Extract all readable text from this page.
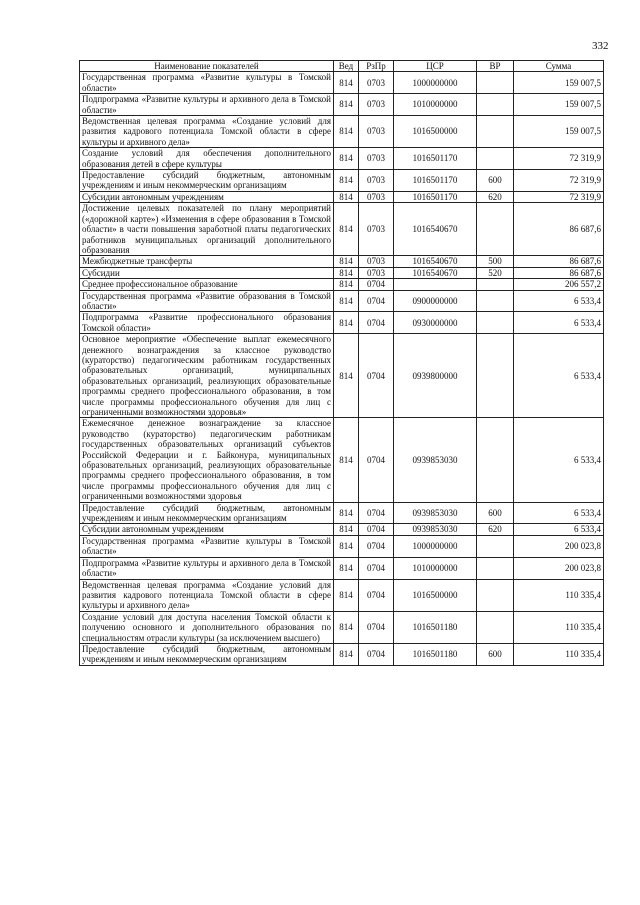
332
Наименование показателей	Вед	РзПр	ЦСР	ВР	Сумма
Государственная программа «Развитие культуры в Томской области»	814	0703	1000000000		159 007,5
Подпрограмма «Развитие культуры и архивного дела в Томской области»	814	0703	1010000000		159 007,5
Ведомственная целевая программа «Создание условий для развития кадрового потенциала Томской области в сфере культуры и архивного дела»	814	0703	1016500000		159 007,5
Создание условий для обеспечения дополнительного образования детей в сфере культуры	814	0703	1016501170		72 319,9
Предоставление субсидий бюджетным, автономным учреждениям и иным некоммерческим организациям	814	0703	1016501170	600	72 319,9
Субсидии автономным учреждениям	814	0703	1016501170	620	72 319,9
Достижение целевых показателей по плану мероприятий («дорожной карте») «Изменения в сфере образования в Томской области» в части повышения заработной платы педагогических работников муниципальных организаций дополнительного образования	814	0703	1016540670		86 687,6
Межбюджетные трансферты	814	0703	1016540670	500	86 687,6
Субсидии	814	0703	1016540670	520	86 687,6
Среднее профессиональное образование	814	0704			206 557,2
Государственная программа «Развитие образования в Томской области»	814	0704	0900000000		6 533,4
Подпрограмма «Развитие профессионального образования Томской области»	814	0704	0930000000		6 533,4
Основное мероприятие «Обеспечение выплат ежемесячного денежного вознаграждения за классное руководство (кураторство) педагогическим работникам государственных образовательных организаций, муниципальных образовательных организаций, реализующих образовательные программы среднего профессионального образования, в том числе программы профессионального обучения для лиц с ограниченными возможностями здоровья»	814	0704	0939800000		6 533,4
Ежемесячное денежное вознаграждение за классное руководство (кураторство) педагогическим работникам государственных образовательных организаций субъектов Российской Федерации и г. Байконура, муниципальных образовательных организаций, реализующих образовательные программы среднего профессионального образования, в том числе программы профессионального обучения для лиц с ограниченными возможностями здоровья	814	0704	0939853030		6 533,4
Предоставление субсидий бюджетным, автономным учреждениям и иным некоммерческим организациям	814	0704	0939853030	600	6 533,4
Субсидии автономным учреждениям	814	0704	0939853030	620	6 533,4
Государственная программа «Развитие культуры в Томской области»	814	0704	1000000000		200 023,8
Подпрограмма «Развитие культуры и архивного дела в Томской области»	814	0704	1010000000		200 023,8
Ведомственная целевая программа «Создание условий для развития кадрового потенциала Томской области в сфере культуры и архивного дела»	814	0704	1016500000		110 335,4
Создание условий для доступа населения Томской области к получению основного и дополнительного образования по специальностям отрасли культуры (за исключением высшего)	814	0704	1016501180		110 335,4
Предоставление субсидий бюджетным, автономным учреждениям и иным некоммерческим организациям	814	0704	1016501180	600	110 335,4
